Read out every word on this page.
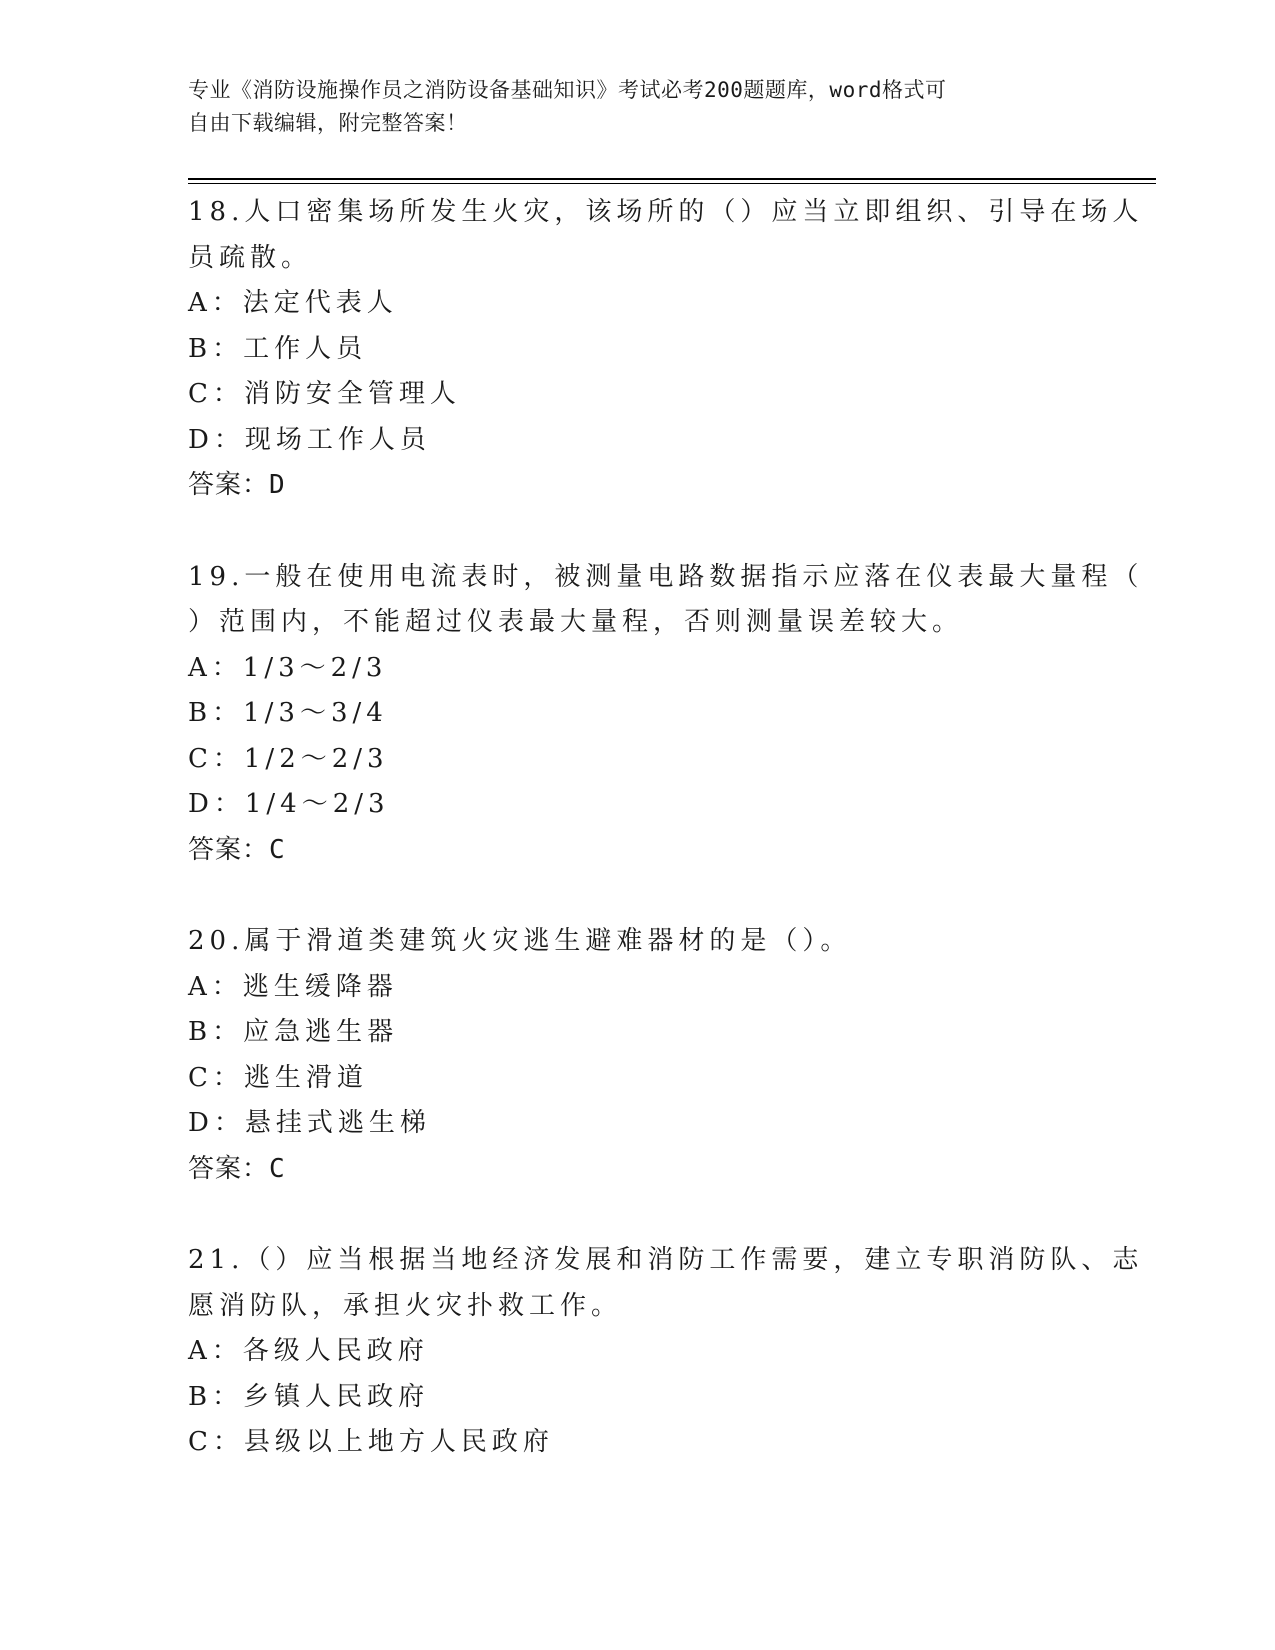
专业《消防设施操作员之消防设备基础知识》考试必考200题题库，word格式可
自由下载编辑，附完整答案！
18.人口密集场所发生火灾，该场所的（）应当立即组织、引导在场人
员疏散。
A：法定代表人
B：工作人员
C：消防安全管理人
D：现场工作人员
答案：D
19.一般在使用电流表时，被测量电路数据指示应落在仪表最大量程（
）范围内，不能超过仪表最大量程，否则测量误差较大。
A：1/3～2/3
B：1/3～3/4
C：1/2～2/3
D：1/4～2/3
答案：C
20.属于滑道类建筑火灾逃生避难器材的是（）。
A：逃生缓降器
B：应急逃生器
C：逃生滑道
D：悬挂式逃生梯
答案：C
21.（）应当根据当地经济发展和消防工作需要，建立专职消防队、志
愿消防队，承担火灾扑救工作。
A：各级人民政府
B：乡镇人民政府
C：县级以上地方人民政府
